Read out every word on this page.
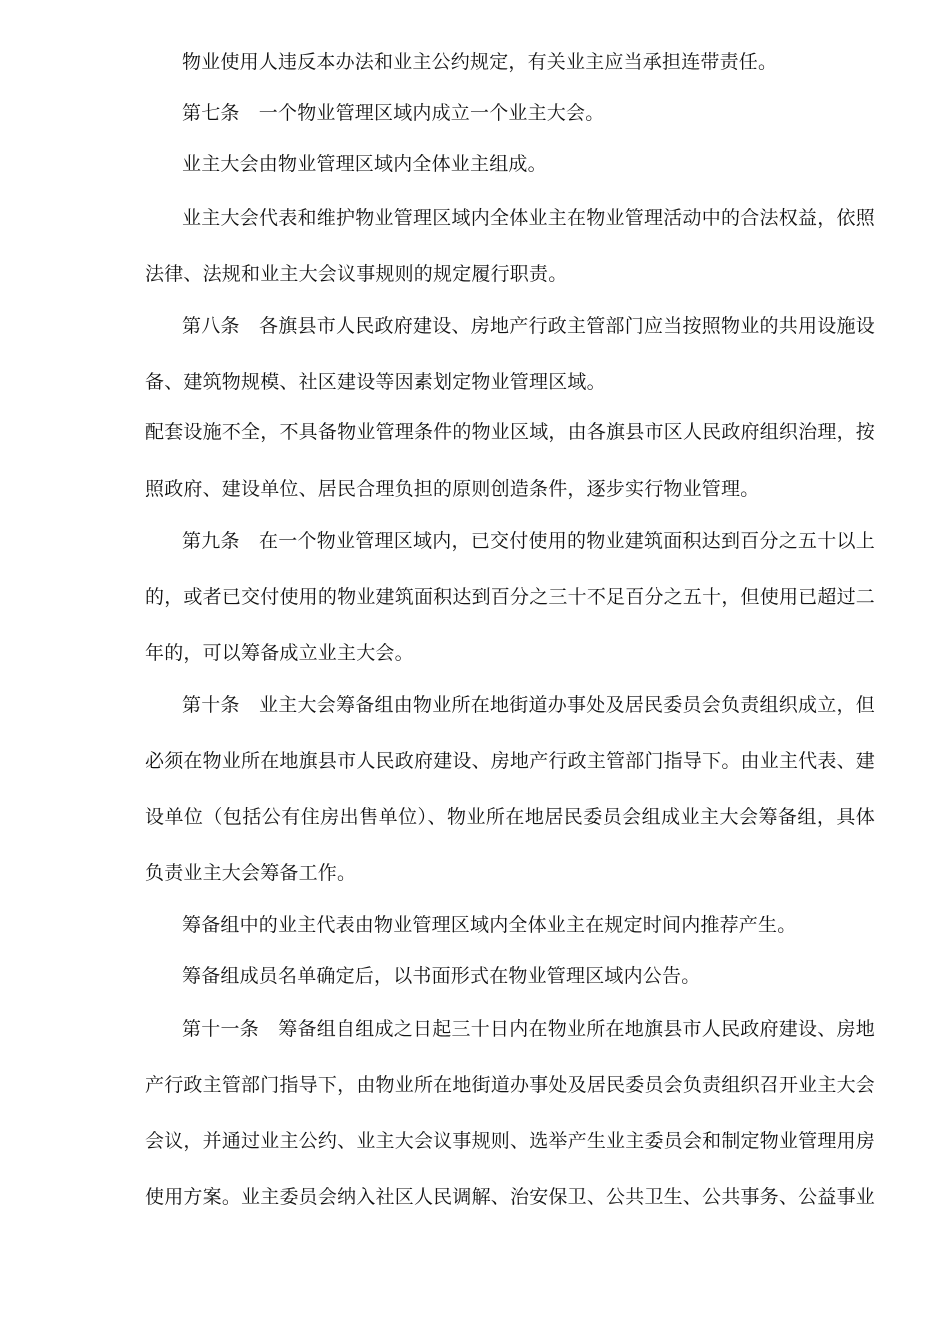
物业使用人违反本办法和业主公约规定，有关业主应当承担连带责任。
第七条　一个物业管理区域内成立一个业主大会。
业主大会由物业管理区域内全体业主组成。
业主大会代表和维护物业管理区域内全体业主在物业管理活动中的合法权益，依照
法律、法规和业主大会议事规则的规定履行职责。
第八条　各旗县市人民政府建设、房地产行政主管部门应当按照物业的共用设施设
备、建筑物规模、社区建设等因素划定物业管理区域。
配套设施不全，不具备物业管理条件的物业区域，由各旗县市区人民政府组织治理，按
照政府、建设单位、居民合理负担的原则创造条件，逐步实行物业管理。
第九条　在一个物业管理区域内，已交付使用的物业建筑面积达到百分之五十以上
的，或者已交付使用的物业建筑面积达到百分之三十不足百分之五十，但使用已超过二
年的，可以筹备成立业主大会。
第十条　业主大会筹备组由物业所在地街道办事处及居民委员会负责组织成立，但
必须在物业所在地旗县市人民政府建设、房地产行政主管部门指导下。由业主代表、建
设单位（包括公有住房出售单位）、物业所在地居民委员会组成业主大会筹备组，具体
负责业主大会筹备工作。
筹备组中的业主代表由物业管理区域内全体业主在规定时间内推荐产生。
筹备组成员名单确定后，以书面形式在物业管理区域内公告。
第十一条　筹备组自组成之日起三十日内在物业所在地旗县市人民政府建设、房地
产行政主管部门指导下，由物业所在地街道办事处及居民委员会负责组织召开业主大会
会议，并通过业主公约、业主大会议事规则、选举产生业主委员会和制定物业管理用房
使用方案。业主委员会纳入社区人民调解、治安保卫、公共卫生、公共事务、公益事业
